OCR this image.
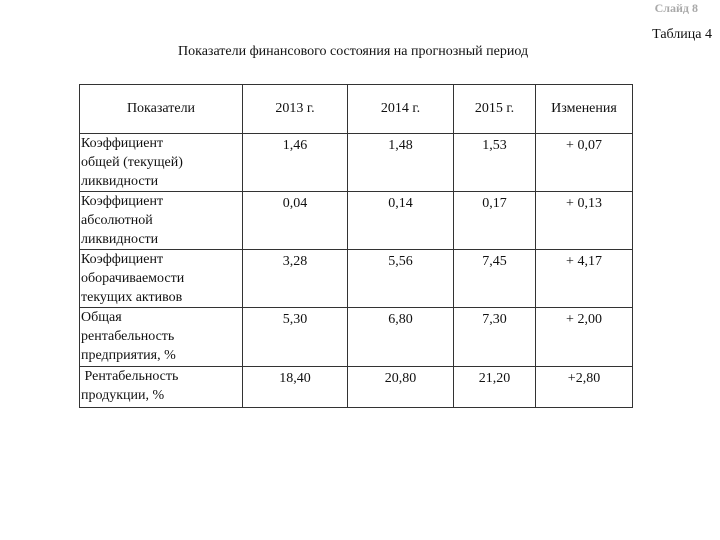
Слайд 8
Таблица 4
Показатели финансового состояния на прогнозный период
Показатели	2013 г.	2014 г.	2015 г.	Изменения
Коэффициент
общей (текущей)
ликвидности	1,46	1,48	1,53	+ 0,07
Коэффициент
абсолютной
ликвидности	0,04	0,14	0,17	+ 0,13
Коэффициент
оборачиваемости
текущих активов	3,28	5,56	7,45	+ 4,17
Общая
рентабельность
предприятия, %	5,30	6,80	7,30	+ 2,00
Рентабельность
продукции, %	18,40	20,80	21,20	+2,80
